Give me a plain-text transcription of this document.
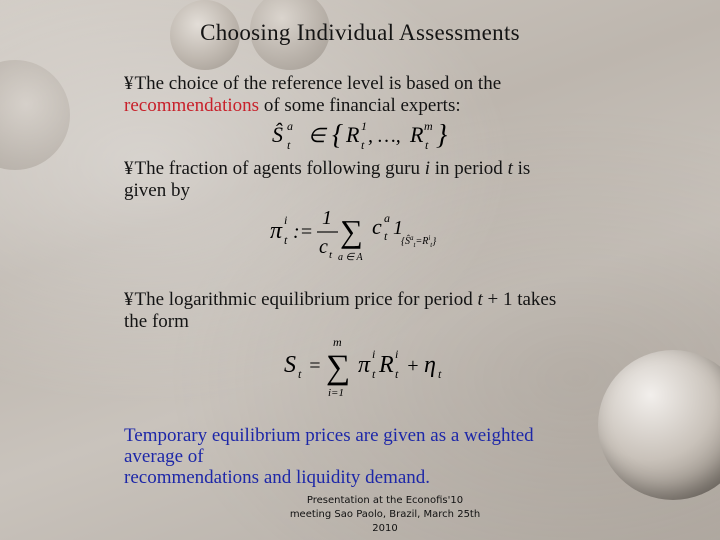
Choosing Individual Assessments
¥The choice of the reference level is based on the
recommendations of some financial experts:
Ŝ a
t ∈ { R 1
t , …, R m
t }
¥The fraction of agents following guru i in period t is
given by
π i
t :=
1
c t
∑
a ∈ A
c a
t 1
$\{Ŝ^a_t=R^i_t\}$
¥The logarithmic equilibrium price for period t + 1 takes
the form
S t =
m
∑
i=1
π i
t R i
t + η t
Temporary equilibrium prices are given as a weighted
average of
recommendations and liquidity demand.
Presentation at the Econofis'10
meeting Sao Paolo, Brazil, March 25th
2010
